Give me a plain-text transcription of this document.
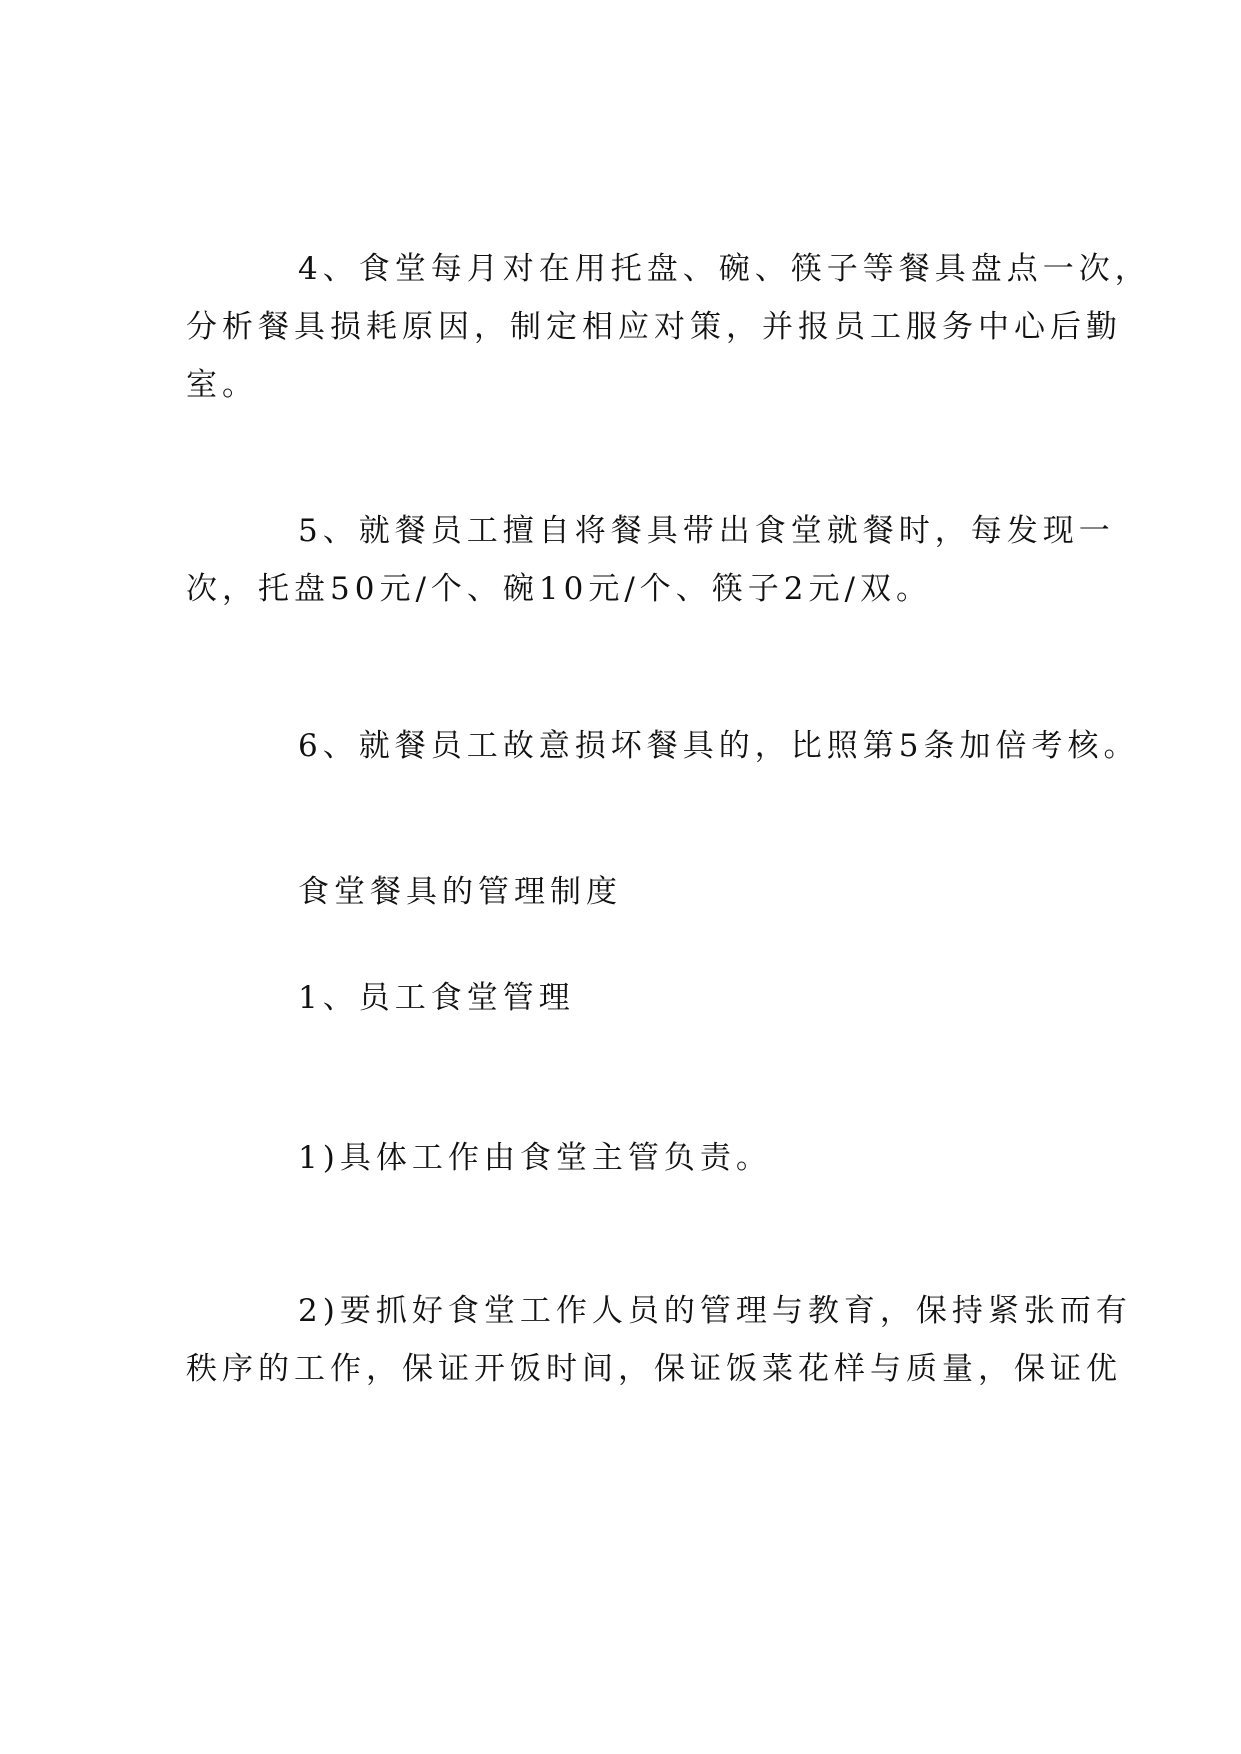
4、食堂每月对在用托盘、碗、筷子等餐具盘点一次，
分析餐具损耗原因，制定相应对策，并报员工服务中心后勤
室。
5、就餐员工擅自将餐具带出食堂就餐时，每发现一
次，托盘50元/个、碗10元/个、筷子2元/双。
6、就餐员工故意损坏餐具的，比照第5条加倍考核。
食堂餐具的管理制度
1、员工食堂管理
1)具体工作由食堂主管负责。
2)要抓好食堂工作人员的管理与教育，保持紧张而有
秩序的工作，保证开饭时间，保证饭菜花样与质量，保证优
